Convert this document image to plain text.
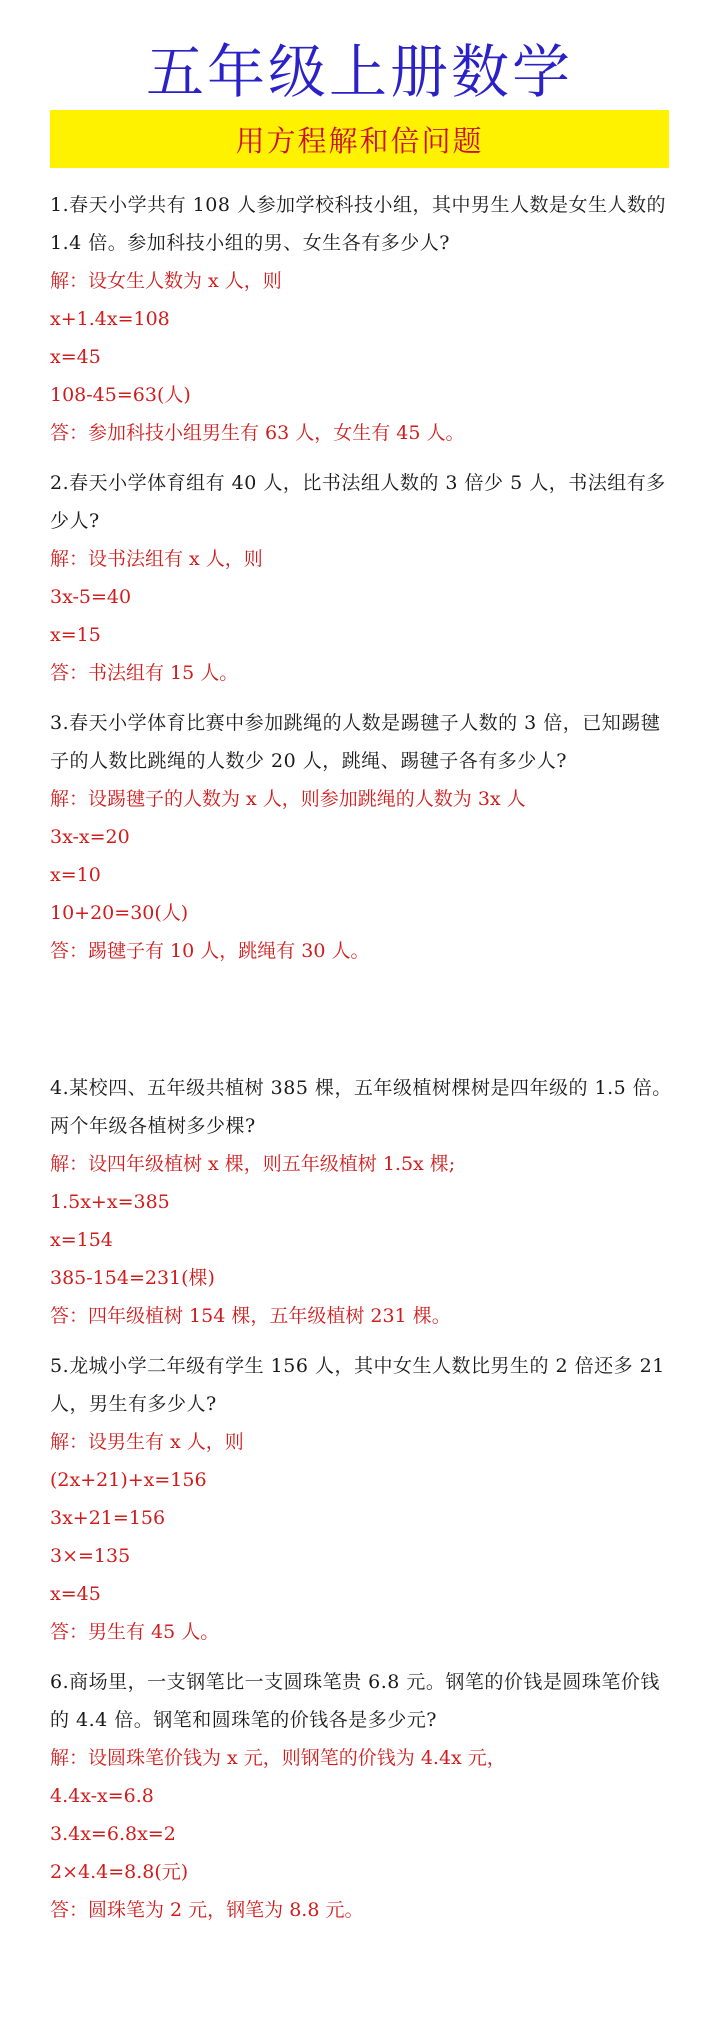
五年级上册数学
用方程解和倍问题
1.春天小学共有 108 人参加学校科技小组，其中男生人数是女生人数的 1.4 倍。参加科技小组的男、女生各有多少人?
解：设女生人数为 x 人，则
x+1.4x=108
x=45
108-45=63(人)
答：参加科技小组男生有 63 人，女生有 45 人。
2.春天小学体育组有 40 人，比书法组人数的 3 倍少 5 人，书法组有多少人?
解：设书法组有 x 人，则
3x-5=40
x=15
答：书法组有 15 人。
3.春天小学体育比赛中参加跳绳的人数是踢毽子人数的 3 倍，已知踢毽子的人数比跳绳的人数少 20 人，跳绳、踢毽子各有多少人?
解：设踢毽子的人数为 x 人，则参加跳绳的人数为 3x 人
3x-x=20
x=10
10+20=30(人)
答：踢毽子有 10 人，跳绳有 30 人。
4.某校四、五年级共植树 385 棵，五年级植树棵树是四年级的 1.5 倍。两个年级各植树多少棵?
解：设四年级植树 x 棵，则五年级植树 1.5x 棵;
1.5x+x=385
x=154
385-154=231(棵)
答：四年级植树 154 棵，五年级植树 231 棵。
5.龙城小学二年级有学生 156 人，其中女生人数比男生的 2 倍还多 21 人，男生有多少人?
解：设男生有 x 人，则
(2x+21)+x=156
3x+21=156
3×=135
x=45
答：男生有 45 人。
6.商场里，一支钢笔比一支圆珠笔贵 6.8 元。钢笔的价钱是圆珠笔价钱的 4.4 倍。钢笔和圆珠笔的价钱各是多少元?
解：设圆珠笔价钱为 x 元，则钢笔的价钱为 4.4x 元，
4.4x-x=6.8
3.4x=6.8x=2
2×4.4=8.8(元)
答：圆珠笔为 2 元，钢笔为 8.8 元。
